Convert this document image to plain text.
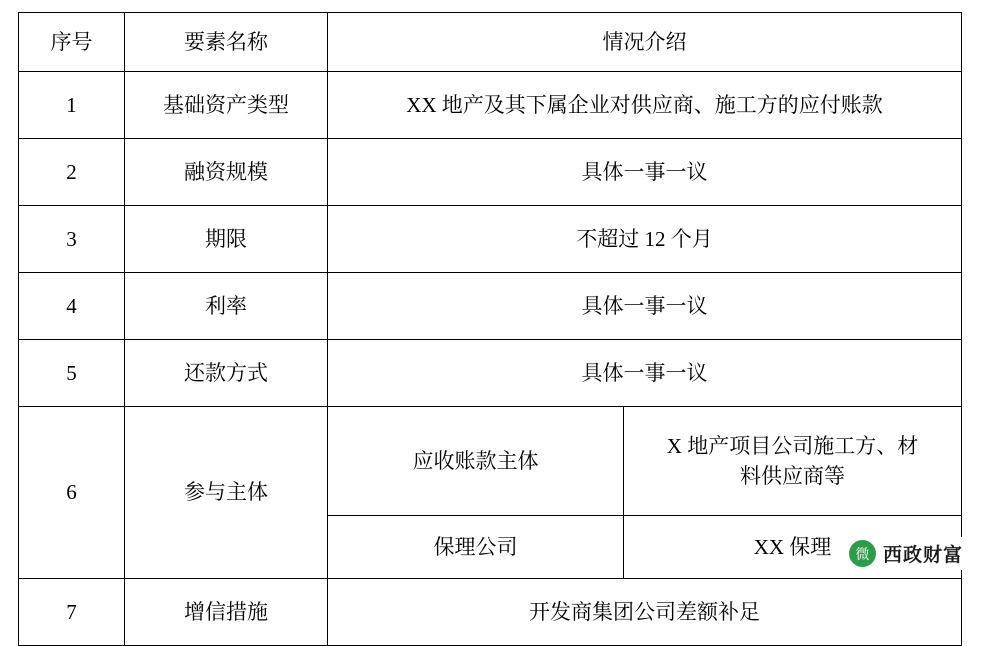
序号	要素名称	情况介绍	
1	基础资产类型	XX 地产及其下属企业对供应商、施工方的应付账款	
2	融资规模	具体一事一议	
3	期限	不超过 12 个月	
4	利率	具体一事一议	
5	还款方式	具体一事一议	
6	参与主体	应收账款主体	X 地产项目公司施工方、材
料供应商等
		保理公司	XX 保理
7	增信措施	开发商集团公司差额补足	
微 西政财富
